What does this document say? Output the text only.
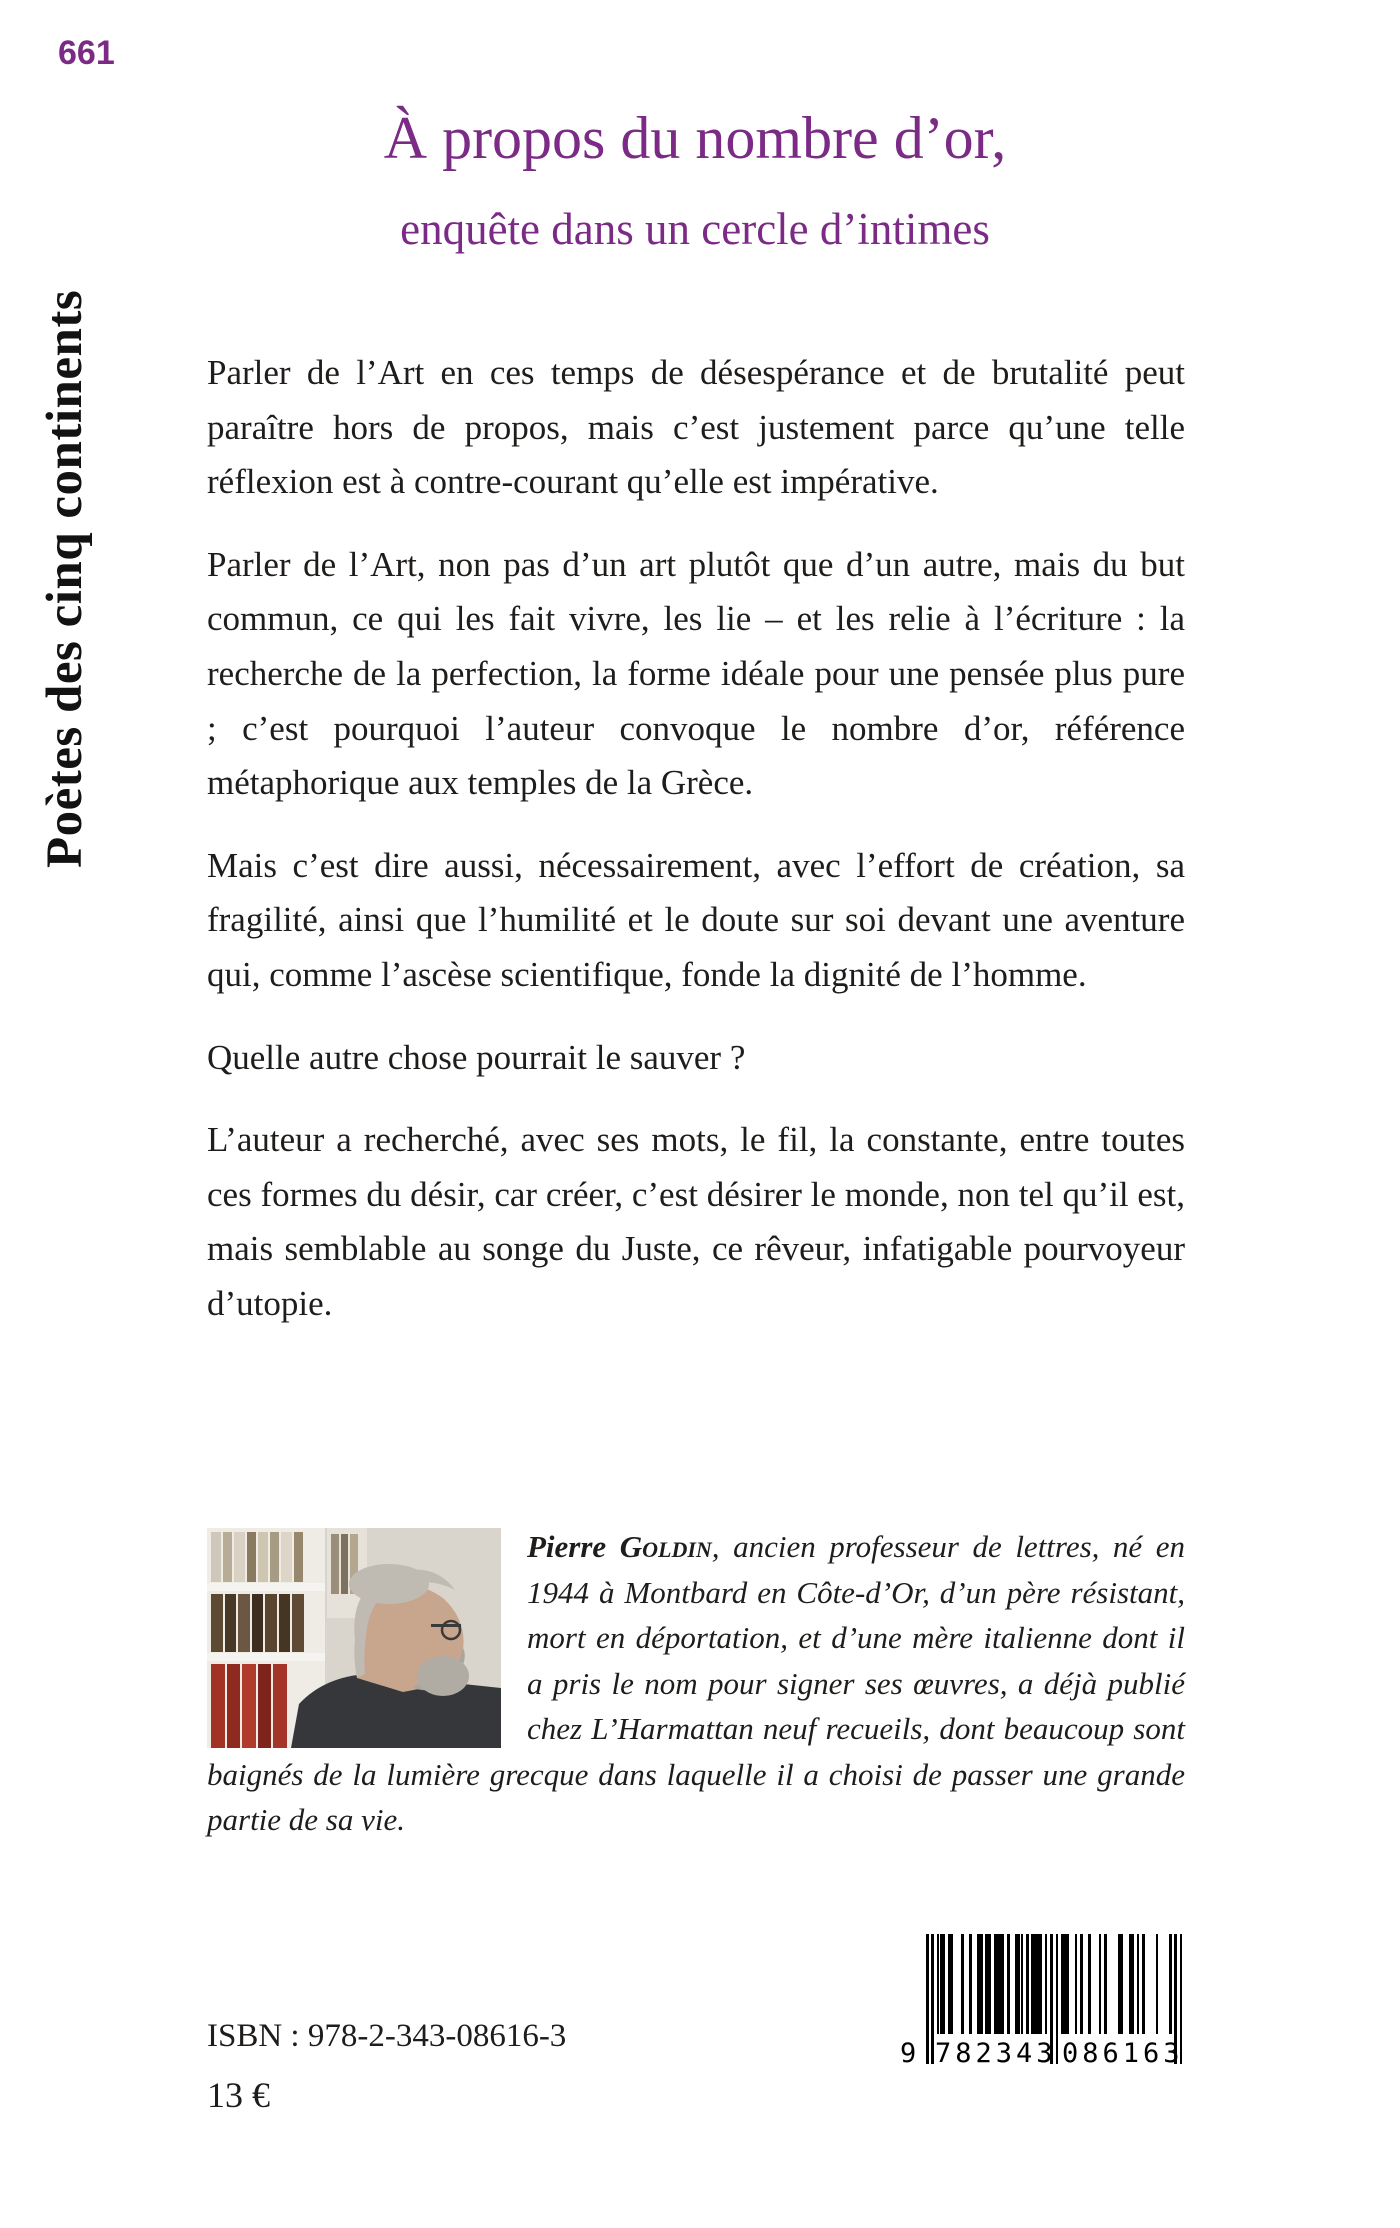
661
Poètes des cinq continents
À propos du nombre d’or,
enquête dans un cercle d’intimes

Parler de l’Art en ces temps de désespérance et de brutalité peut paraître hors de propos, mais c’est justement parce qu’une telle réflexion est à contre-courant qu’elle est impérative.

Parler de l’Art, non pas d’un art plutôt que d’un autre, mais du but commun, ce qui les fait vivre, les lie – et les relie à l’écriture : la recherche de la perfection, la forme idéale pour une pensée plus pure ; c’est pourquoi l’auteur convoque le nombre d’or, référence métaphorique aux temples de la Grèce.

Mais c’est dire aussi, nécessairement, avec l’effort de création, sa fragilité, ainsi que l’humilité et le doute sur soi devant une aventure qui, comme l’ascèse scientifique, fonde la dignité de l’homme.

Quelle autre chose pourrait le sauver ?

L’auteur a recherché, avec ses mots, le fil, la constante, entre toutes ces formes du désir, car créer, c’est désirer le monde, non tel qu’il est, mais semblable au songe du Juste, ce rêveur, infatigable pourvoyeur d’utopie.

Pierre Goldin, ancien professeur de lettres, né en 1944 à Montbard en Côte-d’Or, d’un père résistant, mort en déportation, et d’une mère italienne dont il a pris le nom pour signer ses œuvres, a déjà publié chez L’Harmattan neuf recueils, dont beaucoup sont baignés de la lumière grecque dans laquelle il a choisi de passer une grande partie de sa vie.

ISBN : 978-2-343-08616-3
13 €
9 782343 086163
